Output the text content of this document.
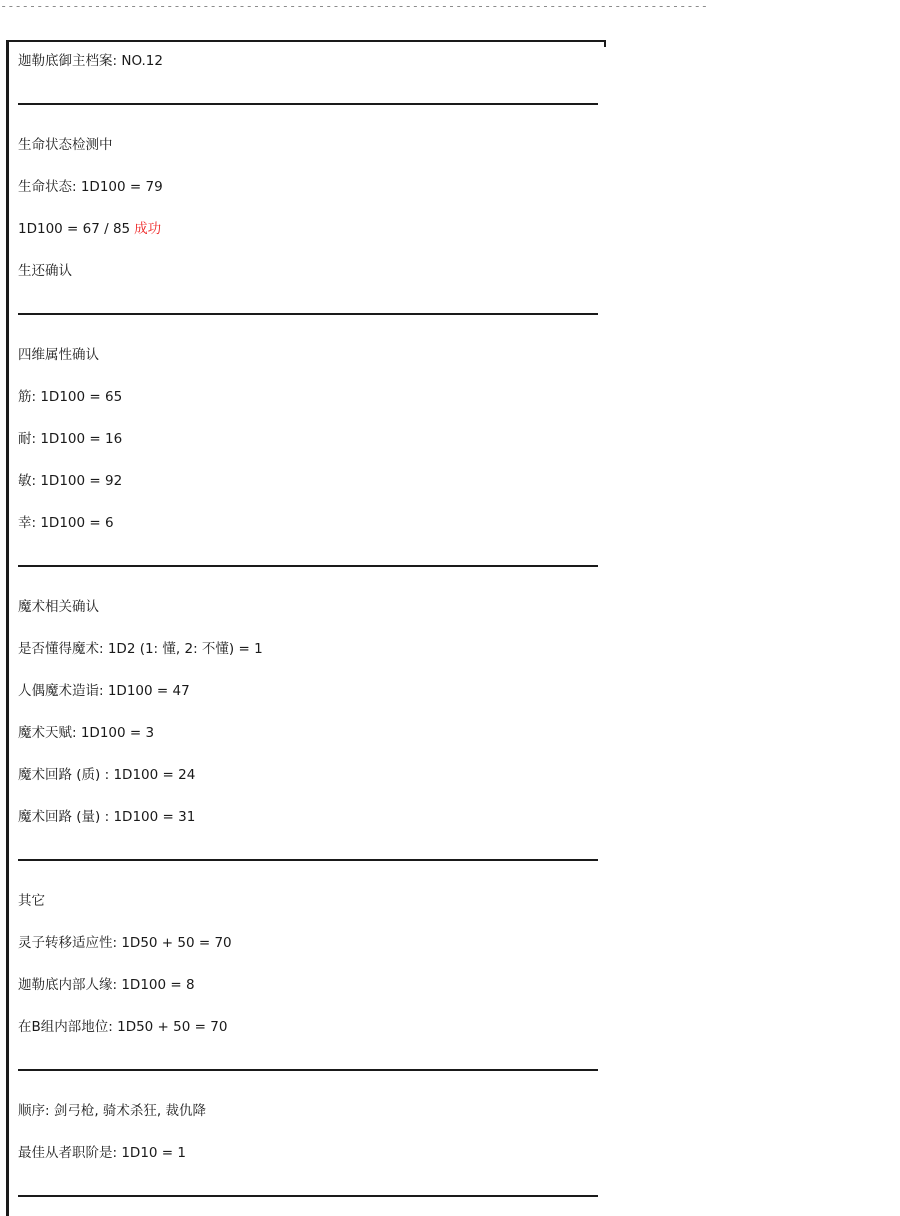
--------------------------------------------------------------------------------------------------
迦勒底御主档案: NO.12
生命状态检测中
生命状态: 1D100 = 79
1D100 = 67 / 85 成功
生还确认
四维属性确认
筋: 1D100 = 65
耐: 1D100 = 16
敏: 1D100 = 92
幸: 1D100 = 6
魔术相关确认
是否懂得魔术: 1D2 (1: 懂, 2: 不懂) = 1
人偶魔术造诣: 1D100 = 47
魔术天赋: 1D100 = 3
魔术回路 (质) : 1D100 = 24
魔术回路 (量) : 1D100 = 31
其它
灵子转移适应性: 1D50 + 50 = 70
迦勒底内部人缘: 1D100 = 8
在B组内部地位: 1D50 + 50 = 70
顺序: 剑弓枪, 骑术杀狂, 裁仇降
最佳从者职阶是: 1D10 = 1
